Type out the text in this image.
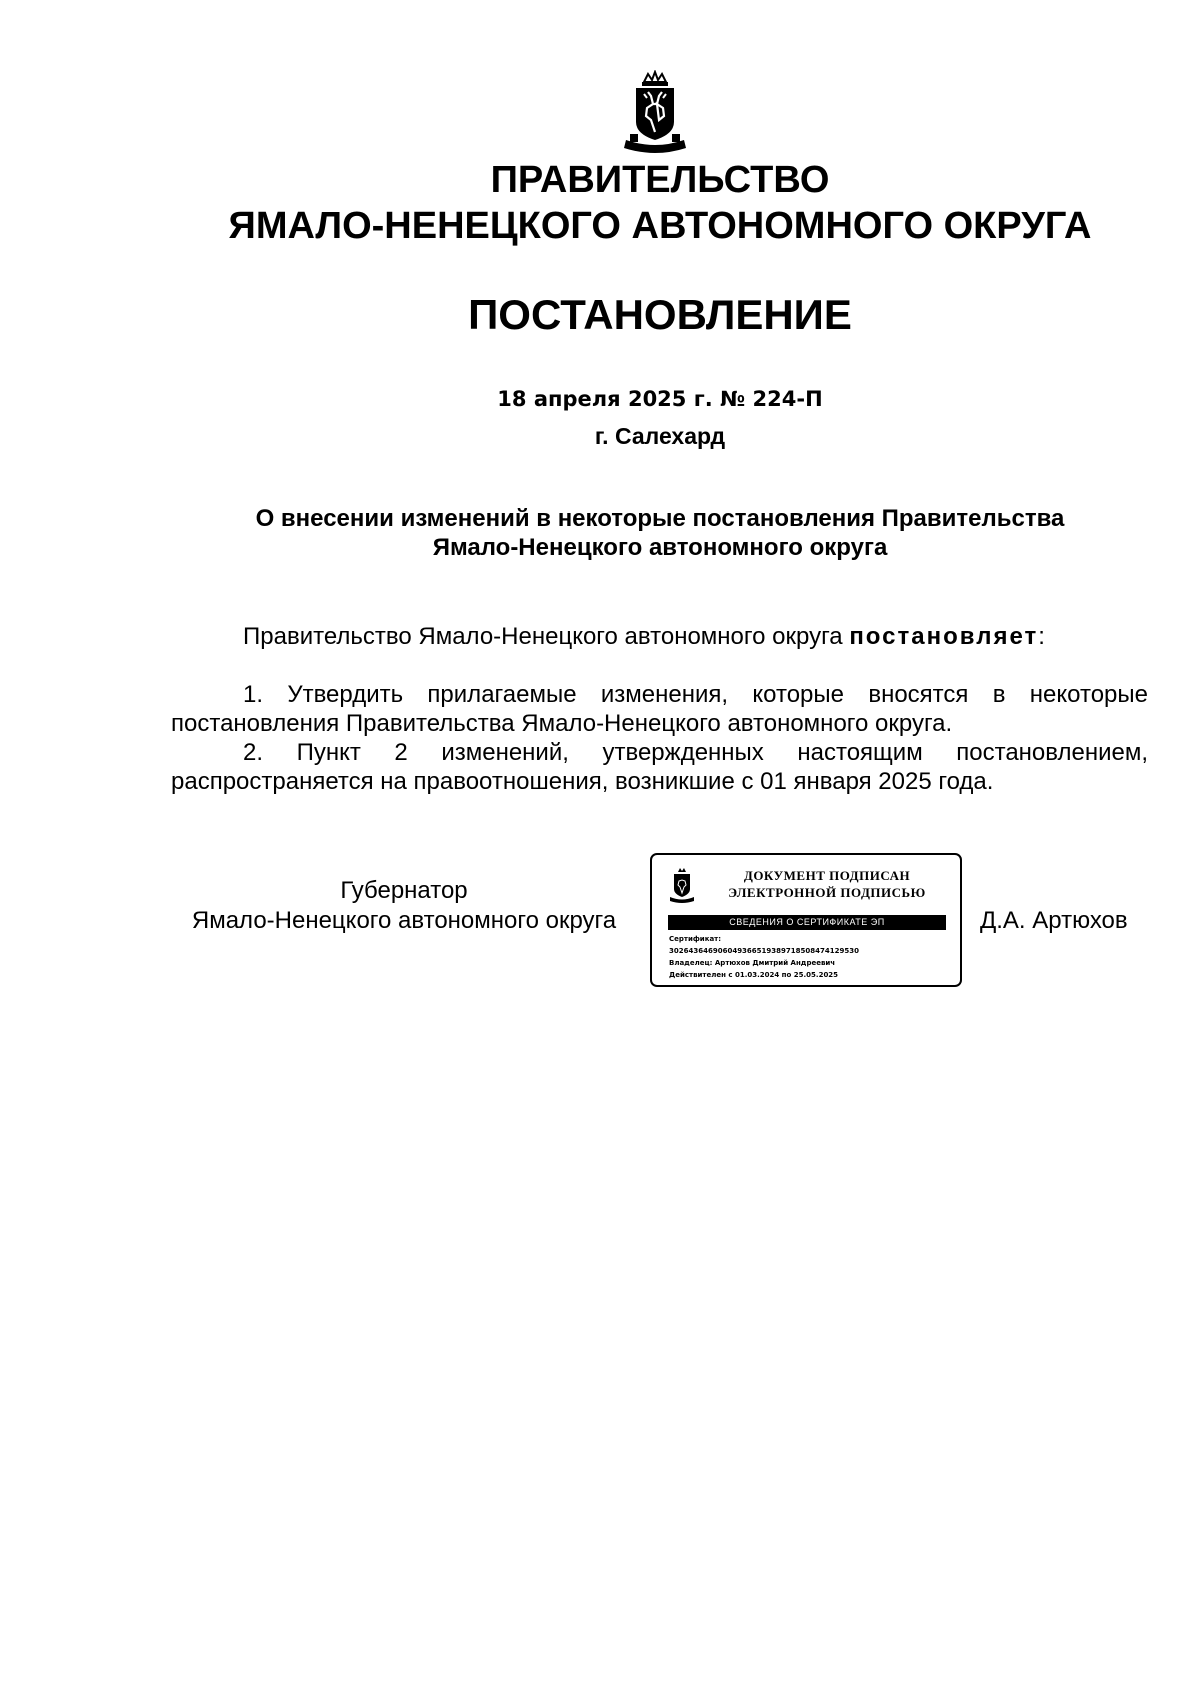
ПРАВИТЕЛЬСТВО
ЯМАЛО-НЕНЕЦКОГО АВТОНОМНОГО ОКРУГА
ПОСТАНОВЛЕНИЕ
18 апреля 2025 г. № 224-П
г. Салехард
О внесении изменений в некоторые постановления Правительства
Ямало-Ненецкого автономного округа
Правительство Ямало-Ненецкого автономного округа постановляет:

1. Утвердить прилагаемые изменения, которые вносятся в некоторые постановления Правительства Ямало-Ненецкого автономного округа.

2. Пункт 2 изменений, утвержденных настоящим постановлением, распространяется на правоотношения, возникшие с 01 января 2025 года.

Губернатор
Ямало-Ненецкого автономного округа
ДОКУМЕНТ ПОДПИСАН
ЭЛЕКТРОННОЙ ПОДПИСЬЮ
СВЕДЕНИЯ О СЕРТИФИКАТЕ ЭП
Сертификат:
302643646906049366519389718508474129530
Владелец: Артюхов Дмитрий Андреевич
Действителен с 01.03.2024 по 25.05.2025
Д.А. Артюхов
